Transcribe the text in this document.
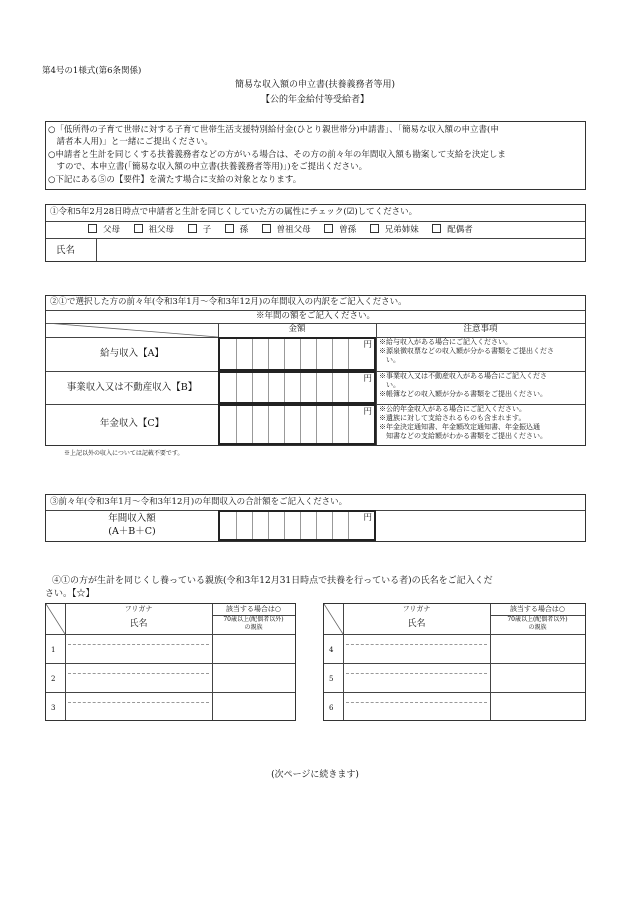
第4号の1様式(第6条関係)
簡易な収入額の申立書(扶養義務者等用)
【公的年金給付等受給者】
○「低所得の子育て世帯に対する子育て世帯生活支援特別給付金(ひとり親世帯分)申請書」、「簡易な収入額の申立書(申
　請者本人用)」と一緒にご提出ください。
○申請者と生計を同じくする扶養義務者などの方がいる場合は、その方の前々年の年間収入額も勘案して支給を決定しま
　すので、本申立書(「簡易な収入額の申立書(扶養義務者等用)」)をご提出ください。
○下記にある⑤の【要件】を満たす場合に支給の対象となります。
①令和5年2月28日時点で申請者と生計を同じくしていた方の属性にチェック(☑)してください。
父母	祖父母	子	孫	曽祖父母	曽孫	兄弟姉妹	配偶者
氏名
②①で選択した方の前々年(令和3年1月～令和3年12月)の年間収入の内訳をご記入ください。
※年間の額をご記入ください。
金額	注意事項
給与収入【A】
円 ※給与収入がある場合にご記入ください。
※源泉徴収票などの収入額が分かる書類をご提出くださ
　い。
事業収入又は不動産収入【B】
円 ※事業収入又は不動産収入がある場合にご記入くださ
　い。
※帳簿などの収入額が分かる書類をご提出ください。
年金収入【C】
円 ※公的年金収入がある場合にご記入ください。
※遺族に対して支給されるものも含まれます。
※年金決定通知書、年金額改定通知書、年金振込通
　知書などの支給額がわかる書類をご提出ください。
※上記以外の収入については記載不要です。
③前々年(令和3年1月～令和3年12月)の年間収入の合計額をご記入ください。
年間収入額
(A＋B＋C)
円
④①の方が生計を同じくし養っている親族(令和3年12月31日時点で扶養を行っている者)の氏名をご記入くだ
さい。【☆】
フリガナ
氏名
該当する場合は○
70歳以上(配偶者以外)
の親族
1
2
3
フリガナ
氏名
該当する場合は○
70歳以上(配偶者以外)
の親族
4
5
6
(次ページに続きます)
